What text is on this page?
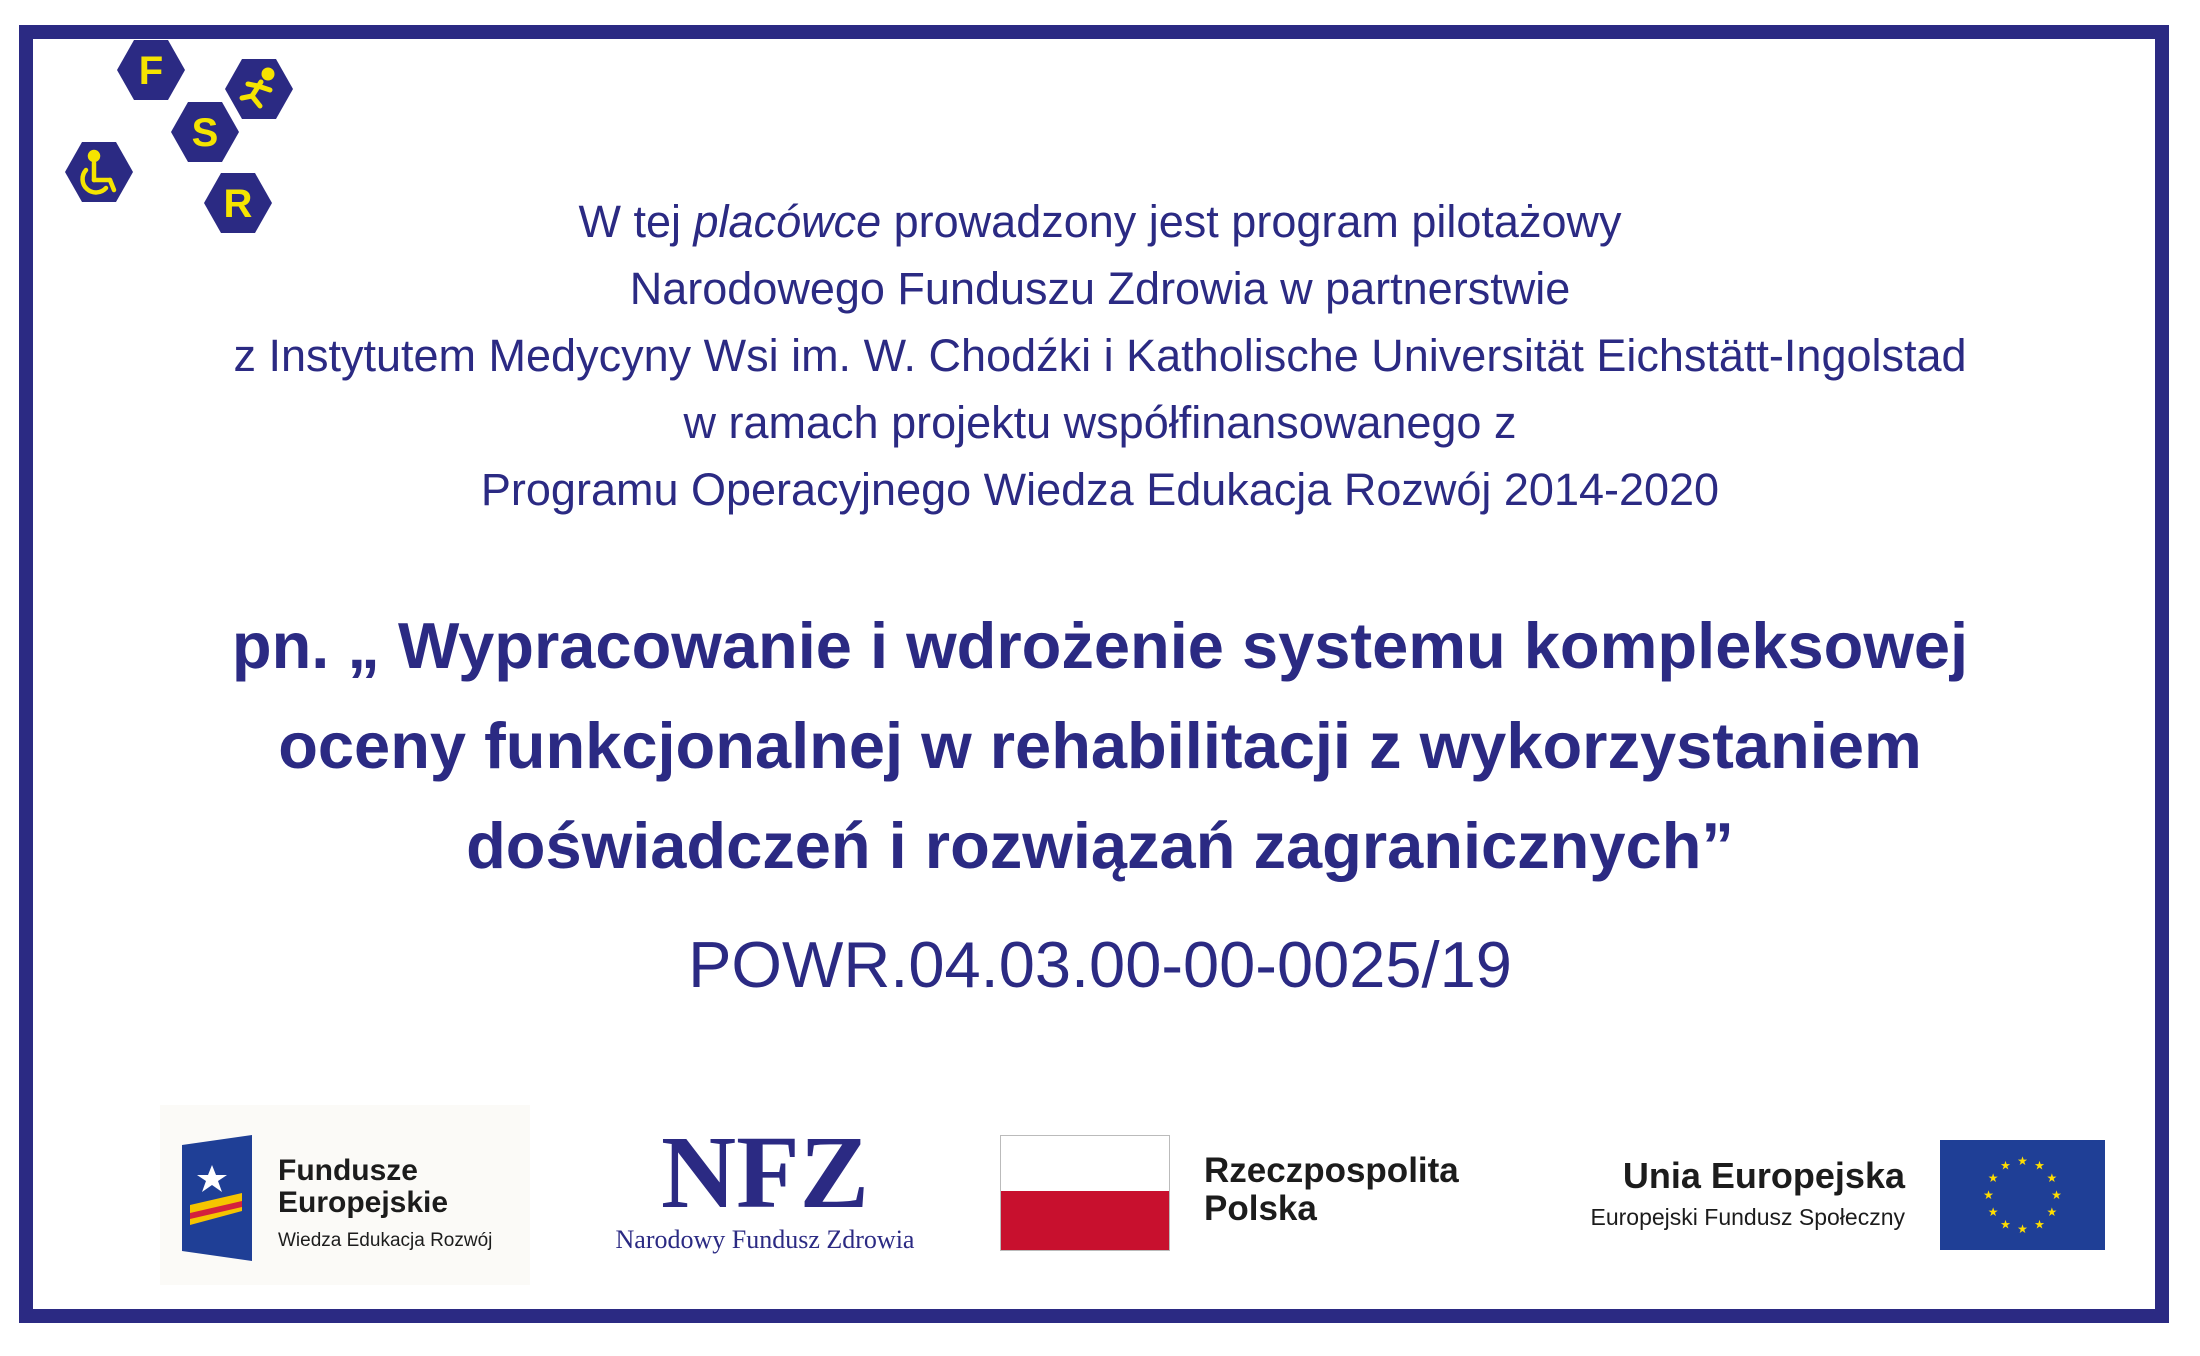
F
S
R	W tej placówce prowadzony jest program pilotażowy
Narodowego Funduszu Zdrowia w partnerstwie
z Instytutem Medycyny Wsi im. W. Chodźki i Katholische Universität Eichstätt-Ingolstad
w ramach projektu współfinansowanego z
Programu Operacyjnego Wiedza Edukacja Rozwój 2014-2020
pn. „ Wypracowanie i wdrożenie systemu kompleksowej
oceny funkcjonalnej w rehabilitacji z wykorzystaniem
doświadczeń i rozwiązań zagranicznych”
POWR.04.03.00-00-0025/19
Fundusze
Europejskie
Wiedza Edukacja Rozwój
NFZ
Narodowy Fundusz Zdrowia
Rzeczpospolita
Polska
Unia Europejska
Europejski Fundusz Społeczny
★ ★
★
★
★
★
★
★
★
★
★
★
